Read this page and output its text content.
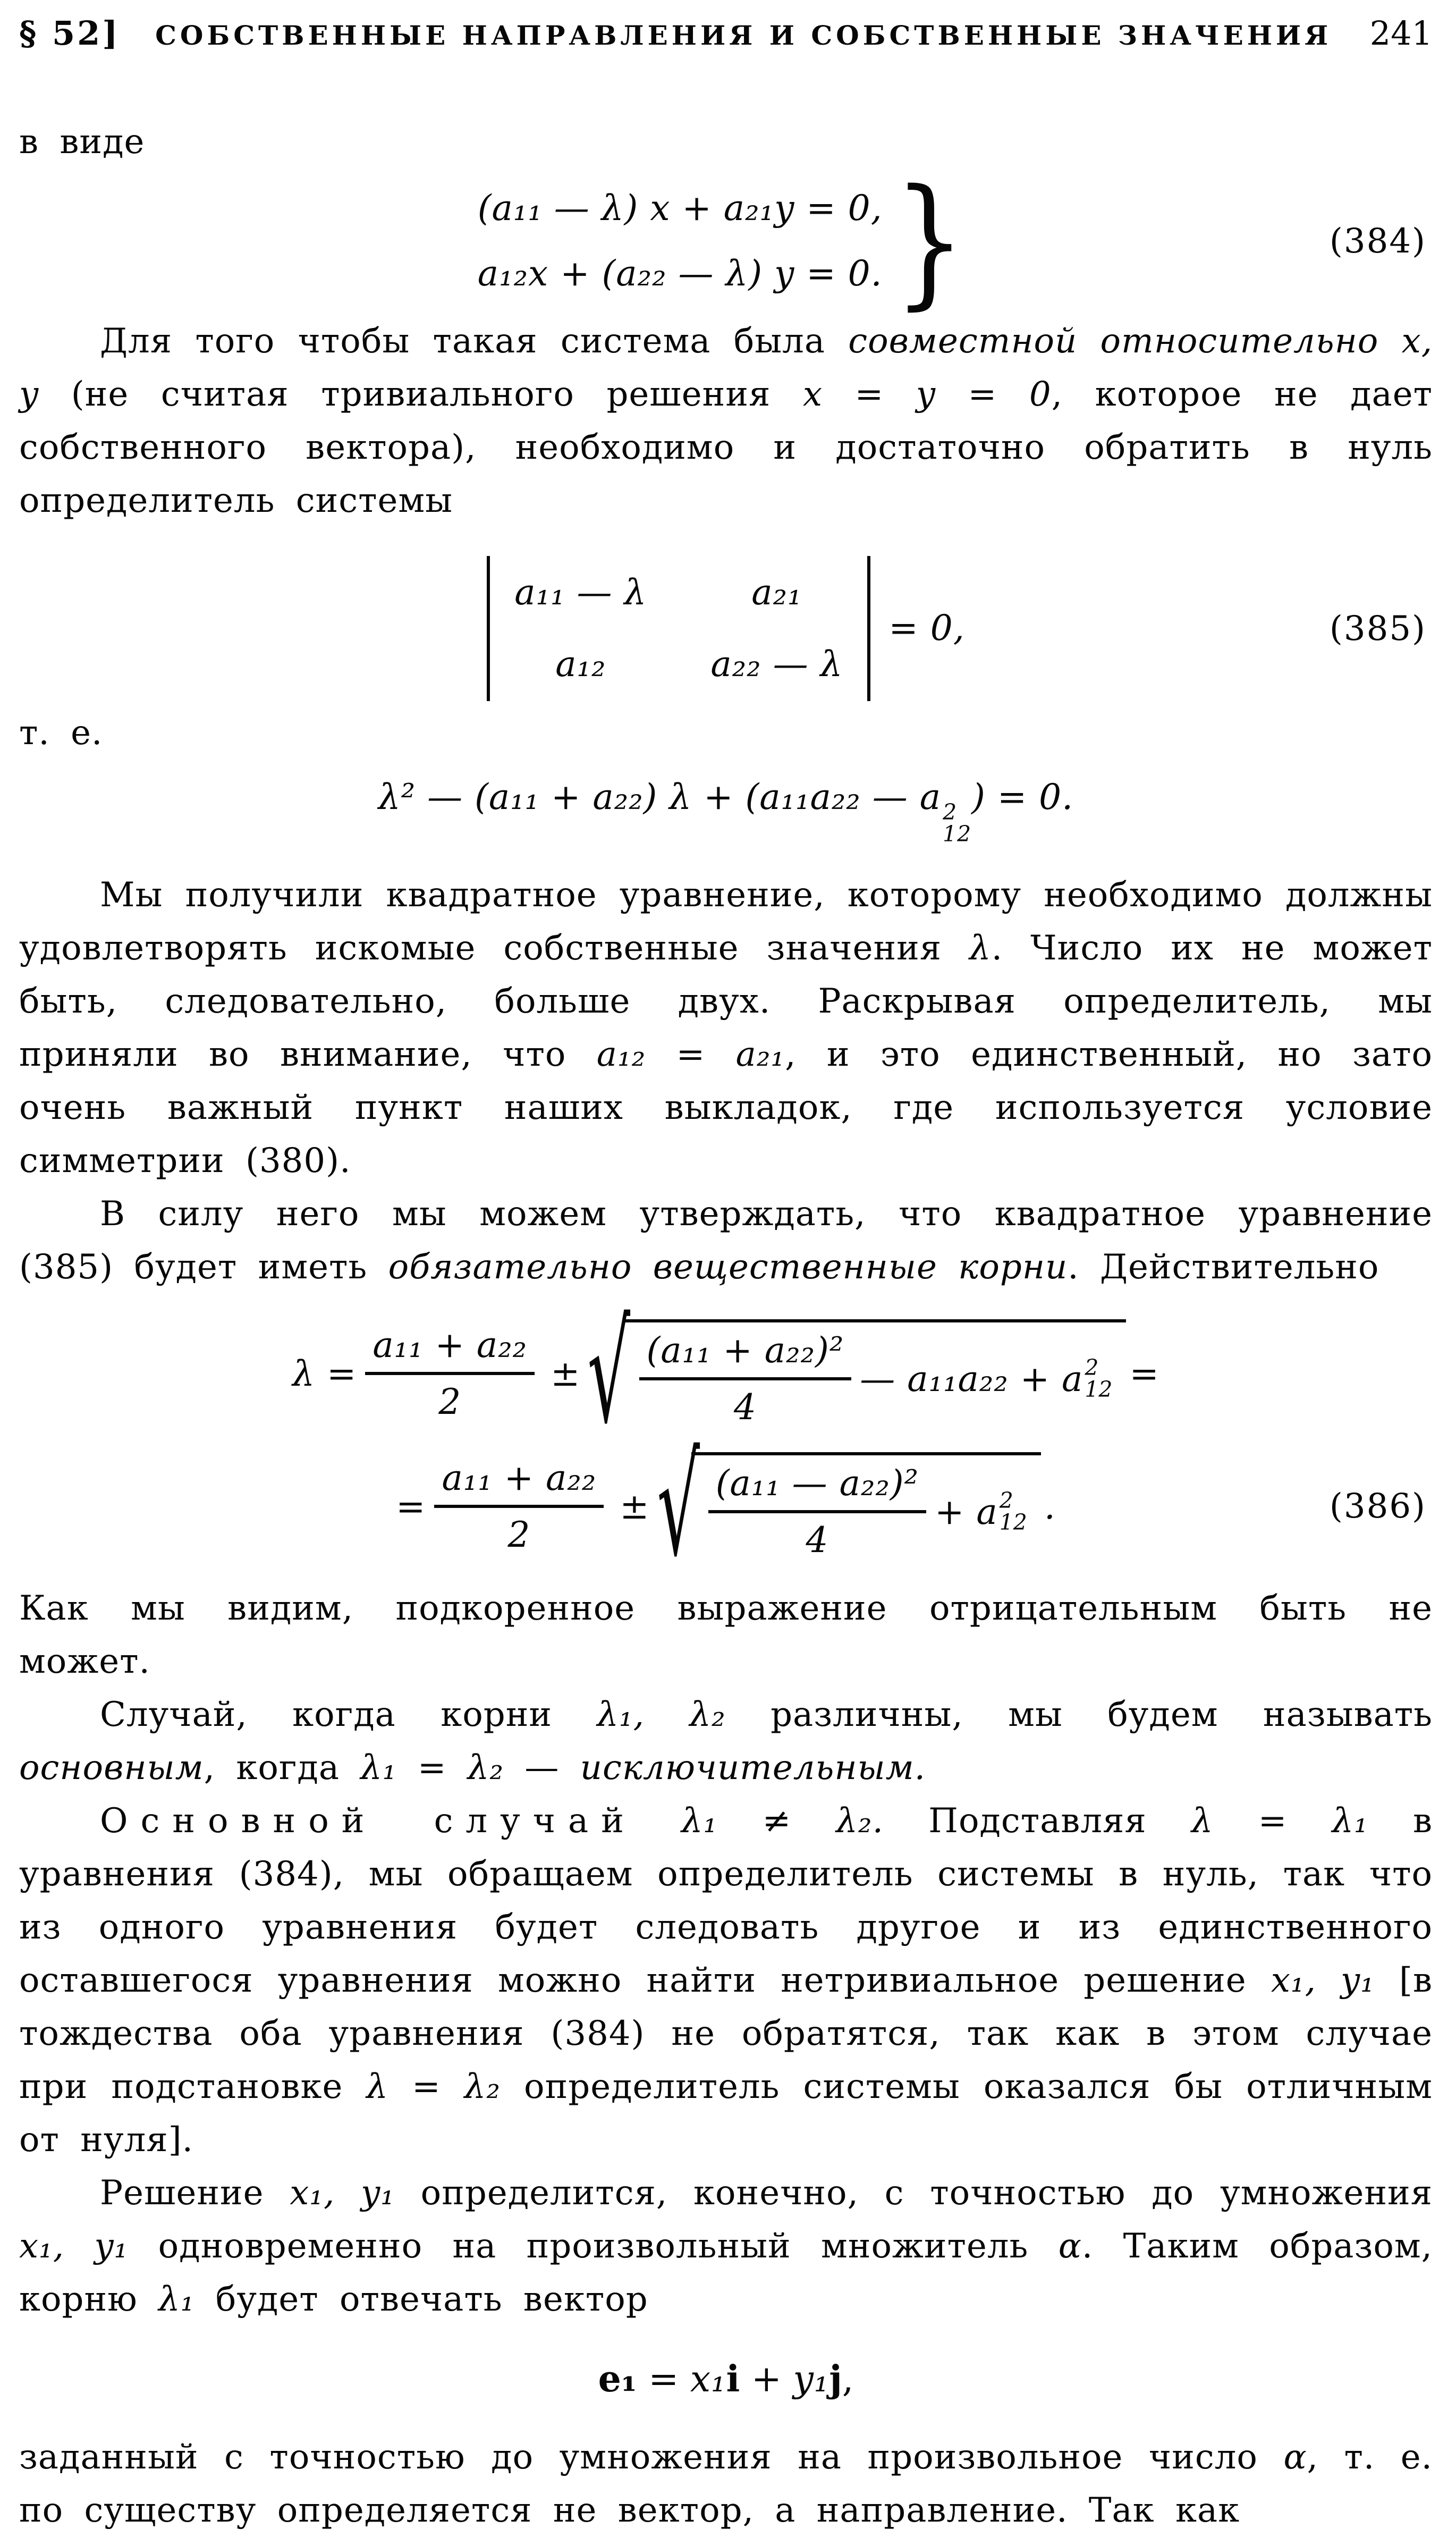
§ 52]	СОБСТВЕННЫЕ НАПРАВЛЕНИЯ И СОБСТВЕННЫЕ ЗНАЧЕНИЯ	241

в виде

(a₁₁ — λ) x + a₂₁y = 0,
a₁₂x + (a₂₂ — λ) y = 0. }	(384)

Для того чтобы такая система была совместной относительно x, y (не считая тривиального решения x = y = 0, которое не дает собственного вектора), необходимо и достаточно обратить в нуль определитель системы

a₁₁ — λ	a₂₁
a₁₂	a₂₂ — λ
= 0,	(385)

т. е.

λ² — (a₁₁ + a₂₂) λ + (a₁₁a₂₂ — a 2
12
) = 0.

Мы получили квадратное уравнение, которому необходимо должны удовлетворять искомые собственные значения λ. Число их не может быть, следовательно, больше двух. Раскрывая определитель, мы приняли во внимание, что a₁₂ = a₂₁, и это единственный, но зато очень важный пункт наших выкладок, где используется условие симметрии (380).

В силу него мы можем утверждать, что квадратное уравнение (385) будет иметь обязательно вещественные корни. Действительно

$\lambda = \frac{\text{a₁₁ + a₂₂}}{2}$ ± √ $\frac{\text{(a₁₁ + a₂₂)²}}{4}$ — a₁₁a₂₂ + a 2
12 =
= $\frac{\text{a₁₁ + a₂₂}}{2}$ ± √ $\frac{\text{(a₁₁ — a₂₂)²}}{4} + a$ 2
12 .	(386)

Как мы видим, подкоренное выражение отрицательным быть не может.

Случай, когда корни λ₁, λ₂ различны, мы будем называть основным, когда λ₁ = λ₂ — исключительным.

Основной случай λ₁ ≠ λ₂. Подставляя λ = λ₁ в уравнения (384), мы обращаем определитель системы в нуль, так что из одного уравнения будет следовать другое и из единственного оставшегося уравнения можно найти нетривиальное решение x₁, y₁ [в тождества оба уравнения (384) не обратятся, так как в этом случае при подстановке λ = λ₂ определитель системы оказался бы отличным от нуля].

Решение x₁, y₁ определится, конечно, с точностью до умножения x₁, y₁ одновременно на произвольный множитель α. Таким образом, корню λ₁ будет отвечать вектор

e₁ = x₁i + y₁j,

заданный с точностью до умножения на произвольное число α, т. е. по существу определяется не вектор, а направление. Так как
